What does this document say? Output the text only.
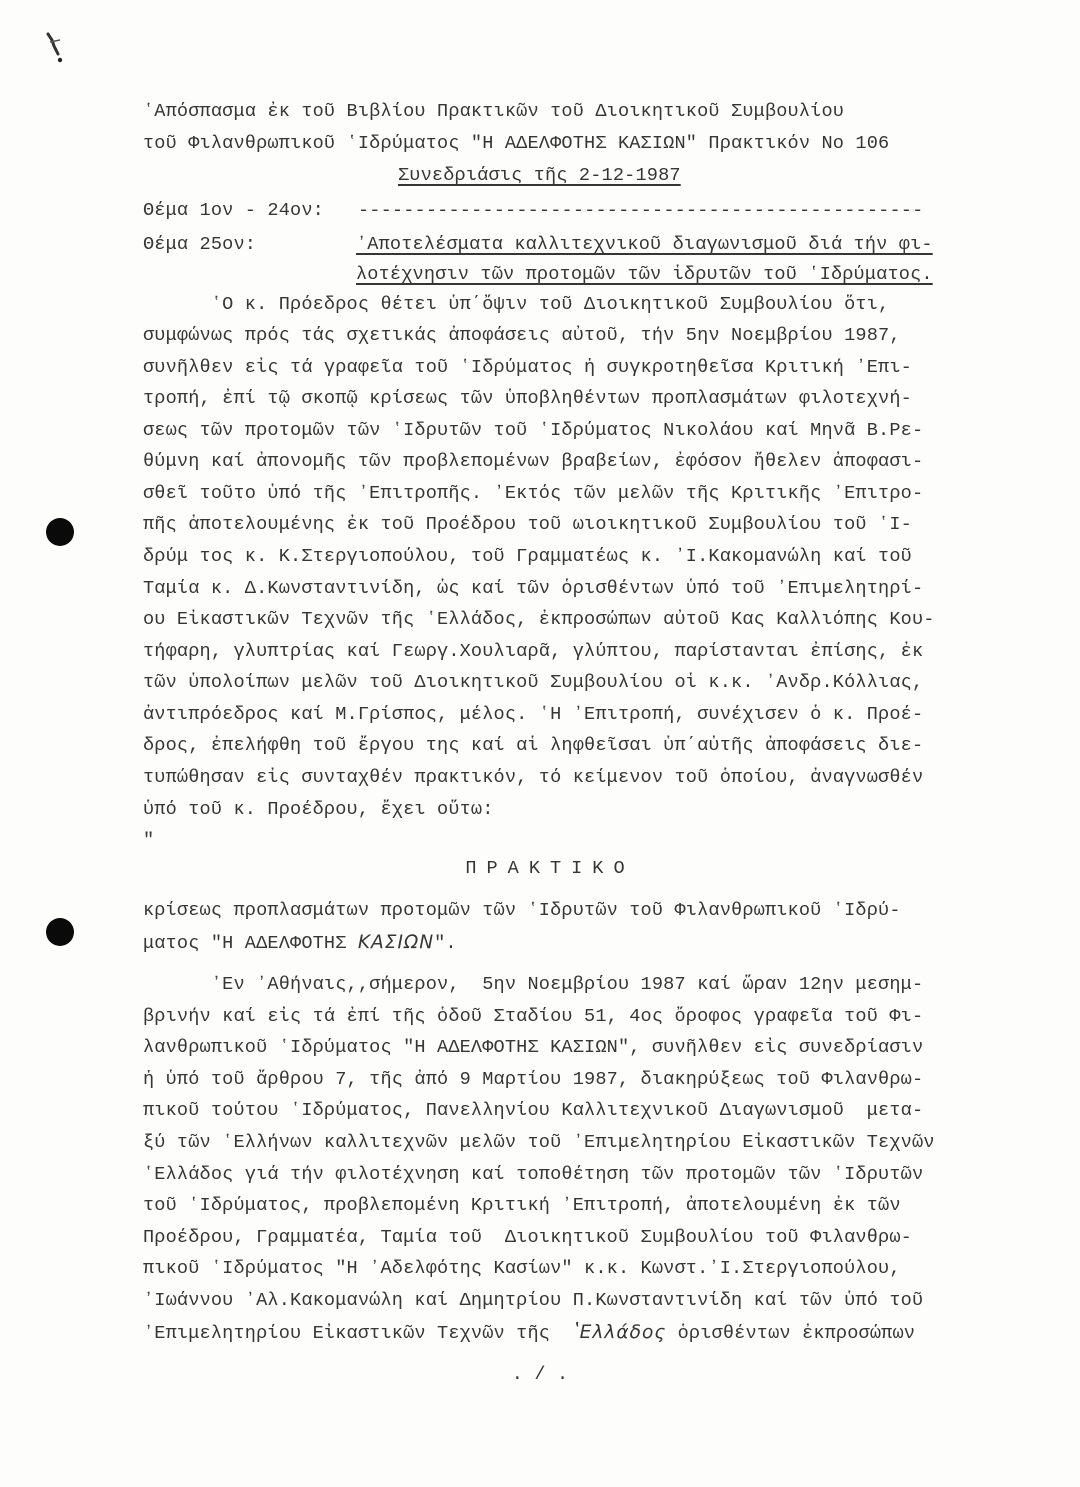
ʽΑπόσπασμα ἐκ τοῦ Βιβλίου Πρακτικῶν τοῦ Διοικητικοῦ Συμβουλίου
τοῦ Φιλανθρωπικοῦ ʽΙδρύματος "Η ΑΔΕΛΦΟΤΗΣ ΚΑΣΙΩΝ" Πρακτικόν Νο 106
Συνεδριάσις τῆς 2-12-1987
Θέμα 1ον - 24ον: --------------------------------------------------
Θέμα 25ον:	ʼΑποτελέσματα καλλιτεχνικοῦ διαγωνισμοῦ διά τήν φι-
λοτέχνησιν τῶν προτομῶν τῶν ἱδρυτῶν τοῦ ʽΙδρύματος.
ʽΟ κ. Πρόεδρος θέτει ὑπ΄ὄψιν τοῦ Διοικητικοῦ Συμβουλίου ὅτι,
συμφώνως πρός τάς σχετικάς ἀποφάσεις αὐτοῦ, τήν 5ην Νοεμβρίου 1987,
συνῆλθεν εἰς τά γραφεῖα τοῦ ʽΙδρύματος ἡ συγκροτηθεῖσα Κριτική ʼΕπι-
τροπή, ἐπί τῷ σκοπῷ κρίσεως τῶν ὑποβληθέντων προπλασμάτων φιλοτεχνή-
σεως τῶν προτομῶν τῶν ʽΙδρυτῶν τοῦ ʽΙδρύματος Νικολάου καί Μηνᾶ Β.Ρε-
θύμνη καί ἀπονομῆς τῶν προβλεπομένων βραβείων, ἐφόσον ἤθελεν ἀποφασι-
σθεῖ τοῦτο ὑπό τῆς ʼΕπιτροπῆς. ʼΕκτός τῶν μελῶν τῆς Κριτικῆς ʼΕπιτρο-
πῆς ἀποτελουμένης ἐκ τοῦ Προέδρου τοῦ ωιοικητικοῦ Συμβουλίου τοῦ ʽΙ-
δρύμ τος κ. Κ.Στεργιοπούλου, τοῦ Γραμματέως κ. ʼΙ.Κακομανώλη καί τοῦ
Ταμία κ. Δ.Κωνσταντινίδη, ὡς καί τῶν ὁρισθέντων ὑπό τοῦ ʼΕπιμελητηρί-
ου Εἰκαστικῶν Τεχνῶν τῆς ʽΕλλάδος, ἐκπροσώπων αὐτοῦ Κας Καλλιόπης Κου-
τήφαρη, γλυπτρίας καί Γεωργ.Χουλιαρᾶ, γλύπτου, παρίστανται ἐπίσης, ἐκ
τῶν ὑπολοίπων μελῶν τοῦ Διοικητικοῦ Συμβουλίου οἱ κ.κ. ʼΑνδρ.Κόλλιας,
ἀντιπρόεδρος καί Μ.Γρίσπος, μέλος. ʽΗ ʼΕπιτροπή, συνέχισεν ὁ κ. Προέ-
δρος, ἐπελήφθη τοῦ ἔργου της καί αἱ ληφθεῖσαι ὑπ΄αὐτῆς ἀποφάσεις διε-
τυπώθησαν εἰς συνταχθέν πρακτικόν, τό κείμενον τοῦ ὁποίου, ἀναγνωσθέν
ὑπό τοῦ κ. Προέδρου, ἔχει οὕτω:
"
ΠΡΑΚΤΙΚΟ
κρίσεως προπλασμάτων προτομῶν τῶν ʽΙδρυτῶν τοῦ Φιλανθρωπικοῦ ʽΙδρύ-
ματος "Η ΑΔΕΛΦΟΤΗΣ ΚΑΣΙΩΝ".
ʼΕν ʼΑθήναις,,σήμερον,  5ην Νοεμβρίου 1987 καί ὥραν 12ην μεσημ-
βρινήν καί εἰς τά ἐπί τῆς ὁδοῦ Σταδίου 51, 4ος ὄροφος γραφεῖα τοῦ Φι-
λανθρωπικοῦ ʽΙδρύματος "Η ΑΔΕΛΦΟΤΗΣ ΚΑΣΙΩΝ", συνῆλθεν εἰς συνεδρίασιν
ἡ ὑπό τοῦ ἄρθρου 7, τῆς ἀπό 9 Μαρτίου 1987, διακηρύξεως τοῦ Φιλανθρω-
πικοῦ τούτου ʽΙδρύματος, Πανελληνίου Καλλιτεχνικοῦ Διαγωνισμοῦ  μετα-
ξύ τῶν ʽΕλλήνων καλλιτεχνῶν μελῶν τοῦ ʼΕπιμελητηρίου Εἰκαστικῶν Τεχνῶν
ʽΕλλάδος γιά τήν φιλοτέχνηση καί τοποθέτηση τῶν προτομῶν τῶν ʽΙδρυτῶν
τοῦ ʽΙδρύματος, προβλεπομένη Κριτική ʼΕπιτροπή, ἀποτελουμένη ἐκ τῶν
Προέδρου, Γραμματέα, Ταμία τοῦ  Διοικητικοῦ Συμβουλίου τοῦ Φιλανθρω-
πικοῦ ʽΙδρύματος "Η ʼΑδελφότης Κασίων" κ.κ. Κωνστ.ʼΙ.Στεργιοπούλου,
ʼΙωάννου ʼΑλ.Κακομανώλη καί Δημητρίου Π.Κωνσταντινίδη καί τῶν ὑπό τοῦ
ʼΕπιμελητηρίου Εἰκαστικῶν Τεχνῶν τῆς  ʽΕλλάδος ὁρισθέντων ἐκπροσώπων
. / .
